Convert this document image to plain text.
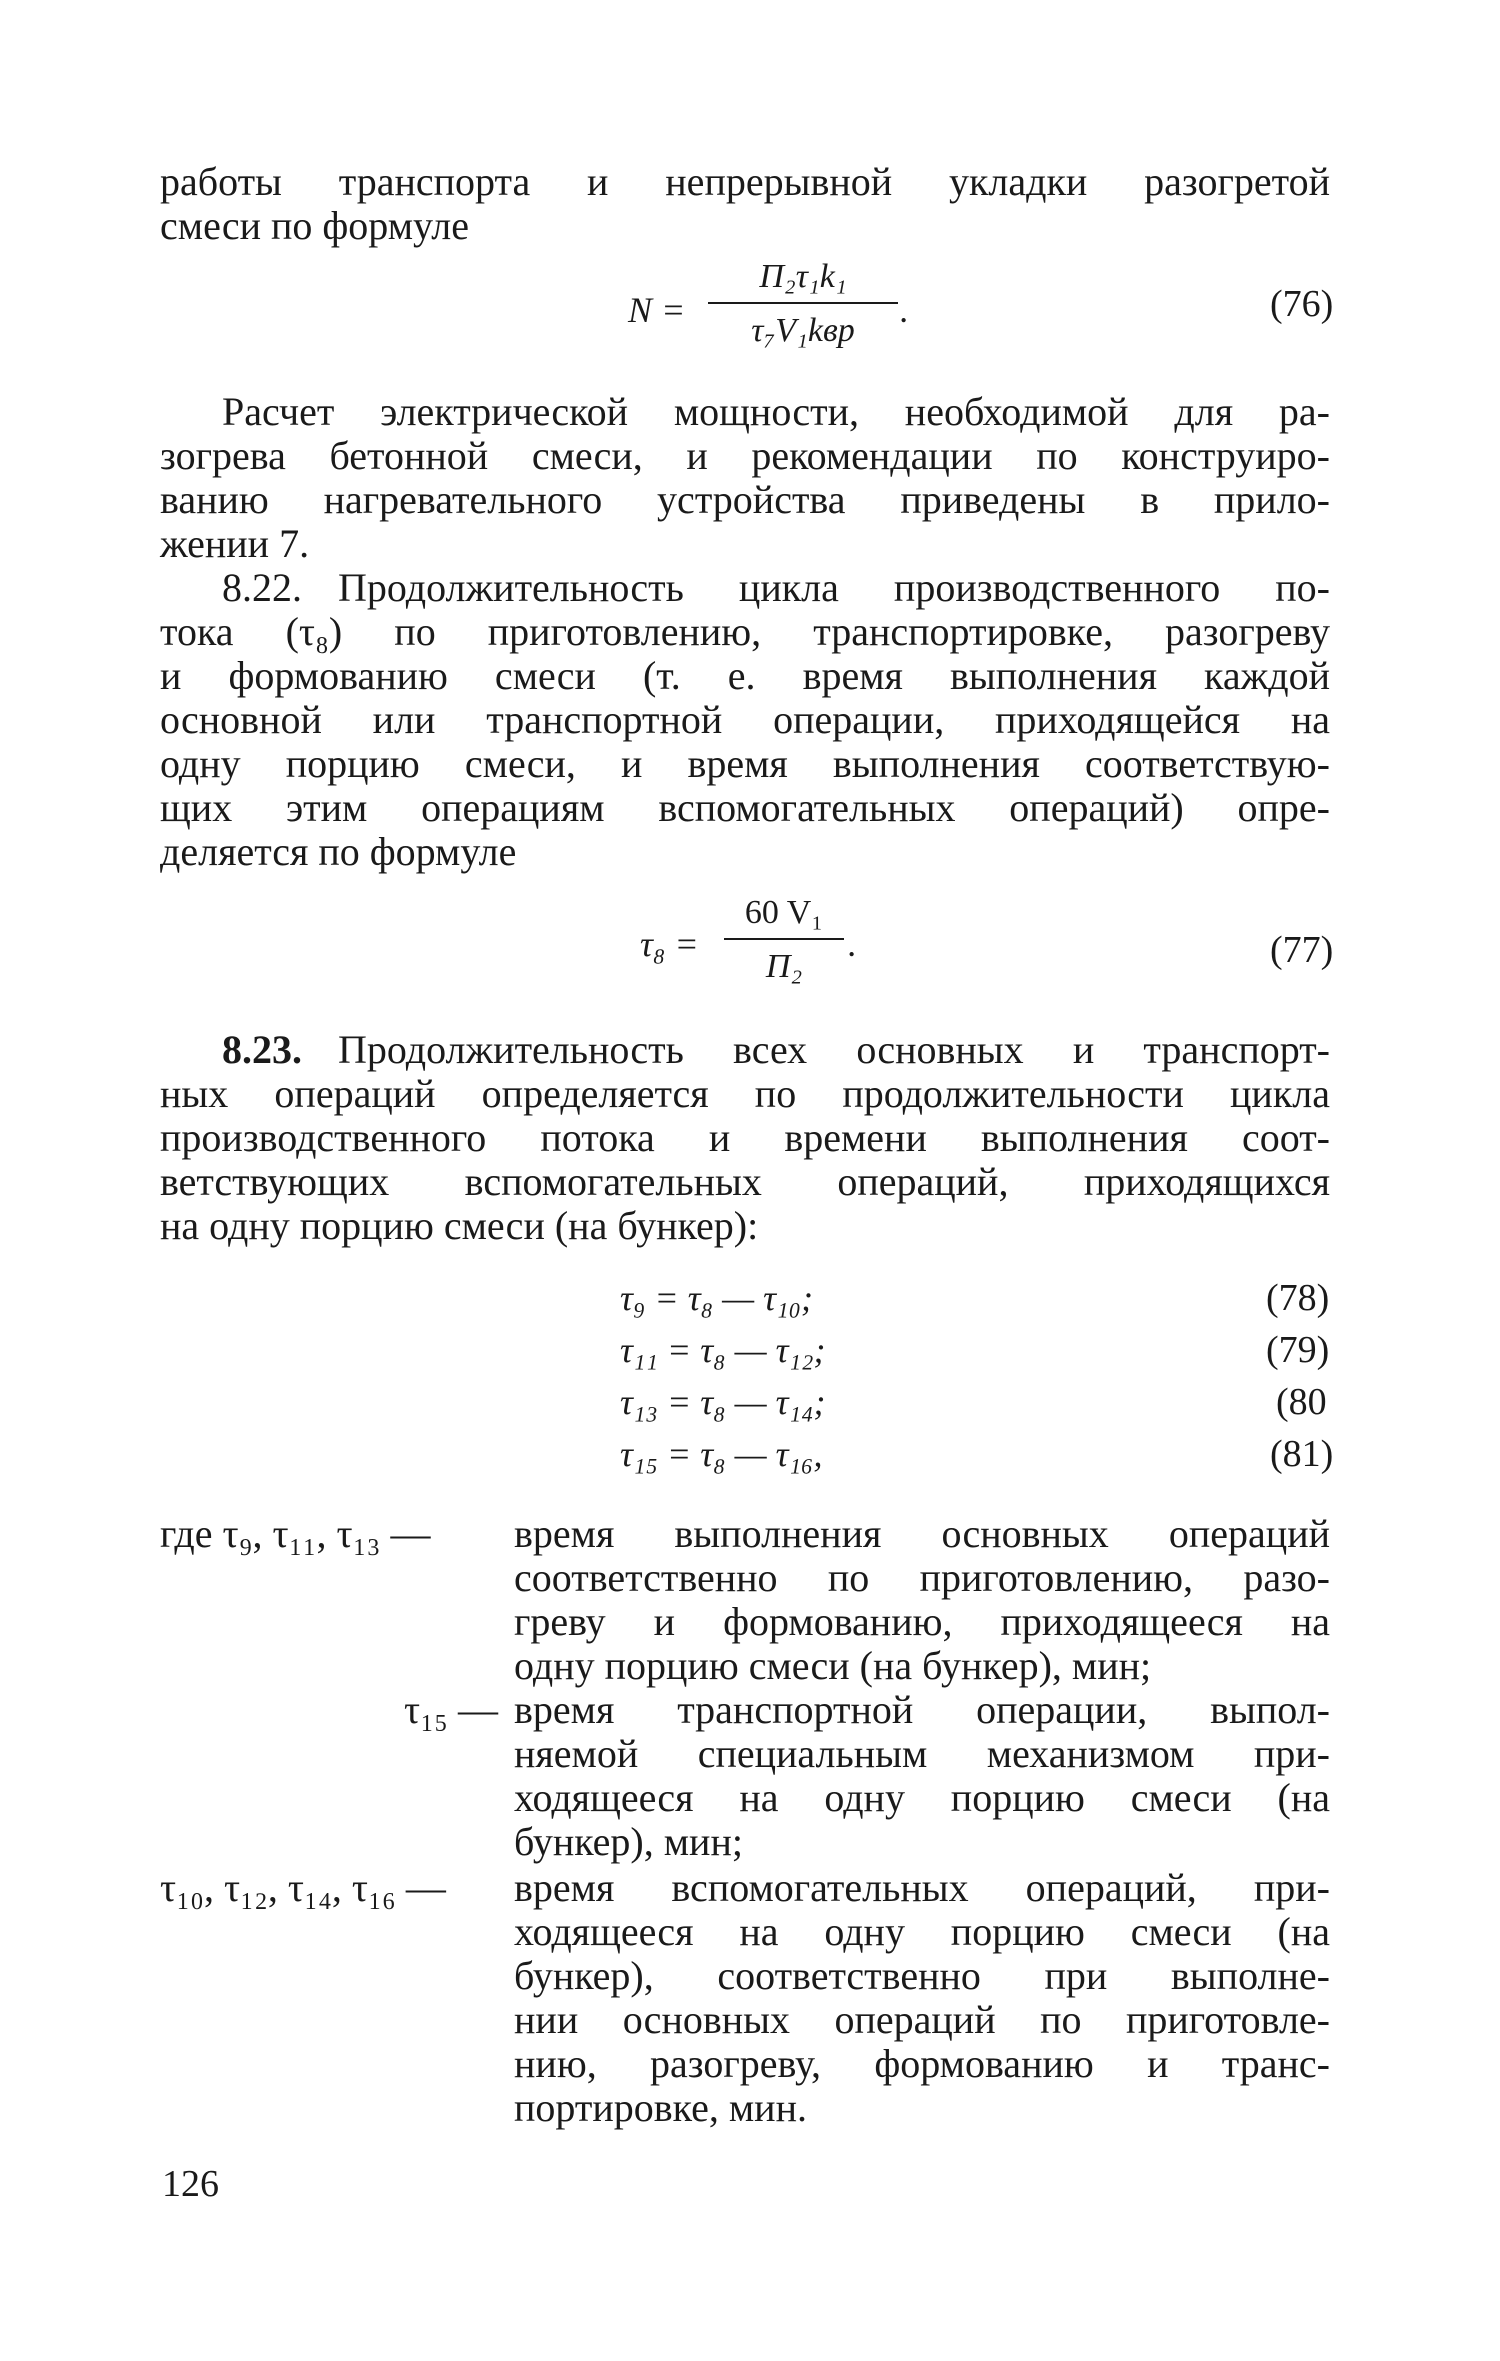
работы транспорта и непрерывной укладки разогретой
смеси по формуле
N =
П₂τ₁k₁
τ₇V₁kвр
.	(76)
Расчет электрической мощности, необходимой для ра-
зогрева бетонной смеси, и рекомендации по конструиро-
ванию нагревательного устройства приведены в прило-
жении 7.
8.22. Продолжительность цикла производственного по-
тока (τ₈) по приготовлению, транспортировке, разогреву
и формованию смеси (т. е. время выполнения каждой
основной или транспортной операции, приходящейся на
одну порцию смеси, и время выполнения соответствую-
щих этим операциям вспомогательных операций) опре-
деляется по формуле
τ₈ =
60 V₁
П₂
.	(77)
8.23. Продолжительность всех основных и транспорт-
ных операций определяется по продолжительности цикла
производственного потока и времени выполнения соот-
ветствующих вспомогательных операций, приходящихся
на одну порцию смеси (на бункер):
τ₉ = τ₈ — τ₁₀;	(78)
τ₁₁ = τ₈ — τ₁₂;	(79)
τ₁₃ = τ₈ — τ₁₄;	(80
τ₁₅ = τ₈ — τ₁₆,	(81)
где τ₉, τ₁₁, τ₁₃ — время выполнения основных операций
соответственно по приготовлению, разо-
греву и формованию, приходящееся на
одну порцию смеси (на бункер), мин;
τ₁₅ — время транспортной операции, выпол-
няемой специальным механизмом при-
ходящееся на одну порцию смеси (на
бункер), мин;
τ₁₀, τ₁₂, τ₁₄, τ₁₆ — время вспомогательных операций, при-
ходящееся на одну порцию смеси (на
бункер), соответственно при выполне-
нии основных операций по приготовле-
нию, разогреву, формованию и транс-
портировке, мин.
126
